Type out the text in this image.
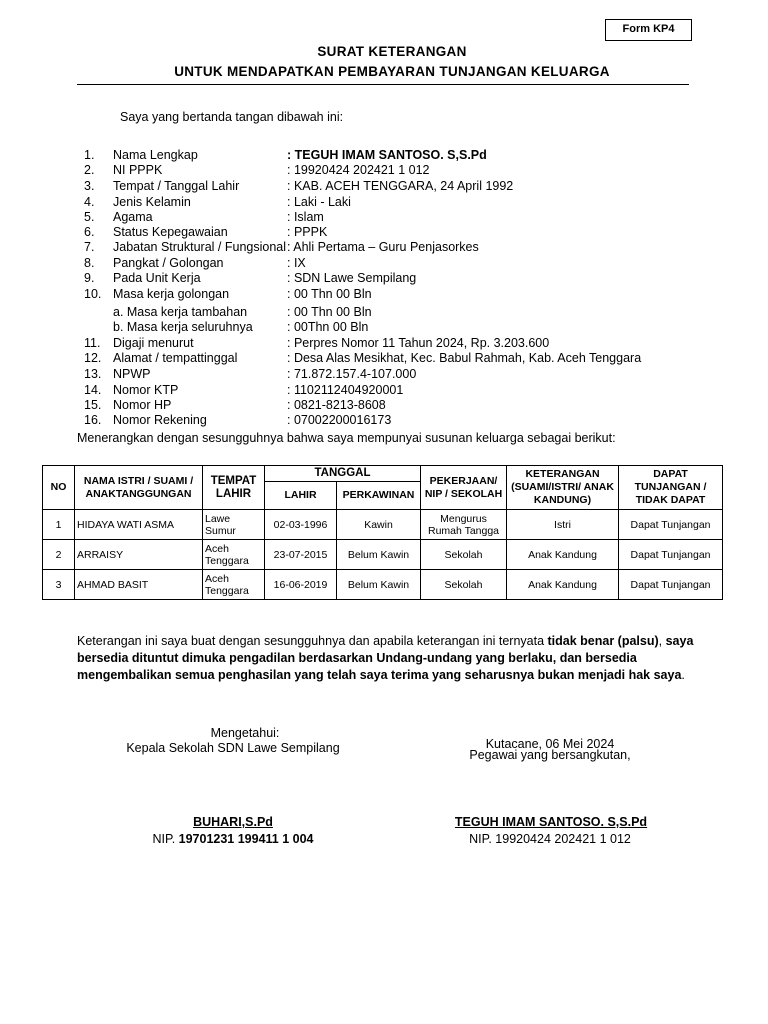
Form KP4
SURAT KETERANGAN
UNTUK MENDAPATKAN PEMBAYARAN TUNJANGAN KELUARGA
Saya yang bertanda tangan dibawah ini:
1. Nama Lengkap	: TEGUH IMAM SANTOSO. S,S.Pd
2. NI PPPK	: 19920424 202421 1 012
3. Tempat / Tanggal Lahir	: KAB. ACEH TENGGARA, 24 April 1992
4. Jenis Kelamin	: Laki - Laki
5. Agama	: Islam
6. Status Kepegawaian	: PPPK
7. Jabatan Struktural / Fungsional : Ahli Pertama – Guru Penjasorkes
8. Pangkat / Golongan	: IX
9. Pada Unit Kerja	: SDN Lawe Sempilang
10. Masa kerja golongan	: 00 Thn 00 Bln
a. Masa kerja tambahan	: 00 Thn 00 Bln
b. Masa kerja seluruhnya	: 00Thn 00 Bln
11. Digaji menurut	: Perpres Nomor 11 Tahun 2024, Rp. 3.203.600
12. Alamat / tempattinggal	: Desa Alas Mesikhat, Kec. Babul Rahmah, Kab. Aceh Tenggara
13. NPWP	: 71.872.157.4-107.000
14. Nomor KTP	: 1102112404920001
15. Nomor HP	: 0821-8213-8608
16. Nomor Rekening	: 07002200016173
Menerangkan dengan sesungguhnya bahwa saya mempunyai susunan keluarga sebagai berikut:
NO	NAMA ISTRI / SUAMI / ANAKTANGGUNGAN	TEMPAT LAHIR	TANGGAL		PEKERJAAN/ NIP / SEKOLAH	KETERANGAN (SUAMI/ISTRI/ ANAK KANDUNG)	DAPAT TUNJANGAN / TIDAK DAPAT
			LAHIR	PERKAWINAN			
1	HIDAYA WATI ASMA	Lawe Sumur	02-03-1996	Kawin	Mengurus Rumah Tangga	Istri	Dapat Tunjangan
2	ARRAISY	Aceh Tenggara	23-07-2015	Belum Kawin	Sekolah	Anak Kandung	Dapat Tunjangan
3	AHMAD BASIT	Aceh Tenggara	16-06-2019	Belum Kawin	Sekolah	Anak Kandung	Dapat Tunjangan
Keterangan ini saya buat dengan sesungguhnya dan apabila keterangan ini ternyata tidak benar (palsu), saya bersedia dituntut dimuka pengadilan berdasarkan Undang-undang yang berlaku, dan bersedia mengembalikan semua penghasilan yang telah saya terima yang seharusnya bukan menjadi hak saya.
Mengetahui:
Kepala Sekolah SDN Lawe Sempilang
BUHARI,S.Pd
NIP. 19701231 199411 1 004
Kutacane, 06 Mei 2024
Pegawai yang bersangkutan,
TEGUH IMAM SANTOSO. S,S.Pd
NIP. 19920424 202421 1 012
